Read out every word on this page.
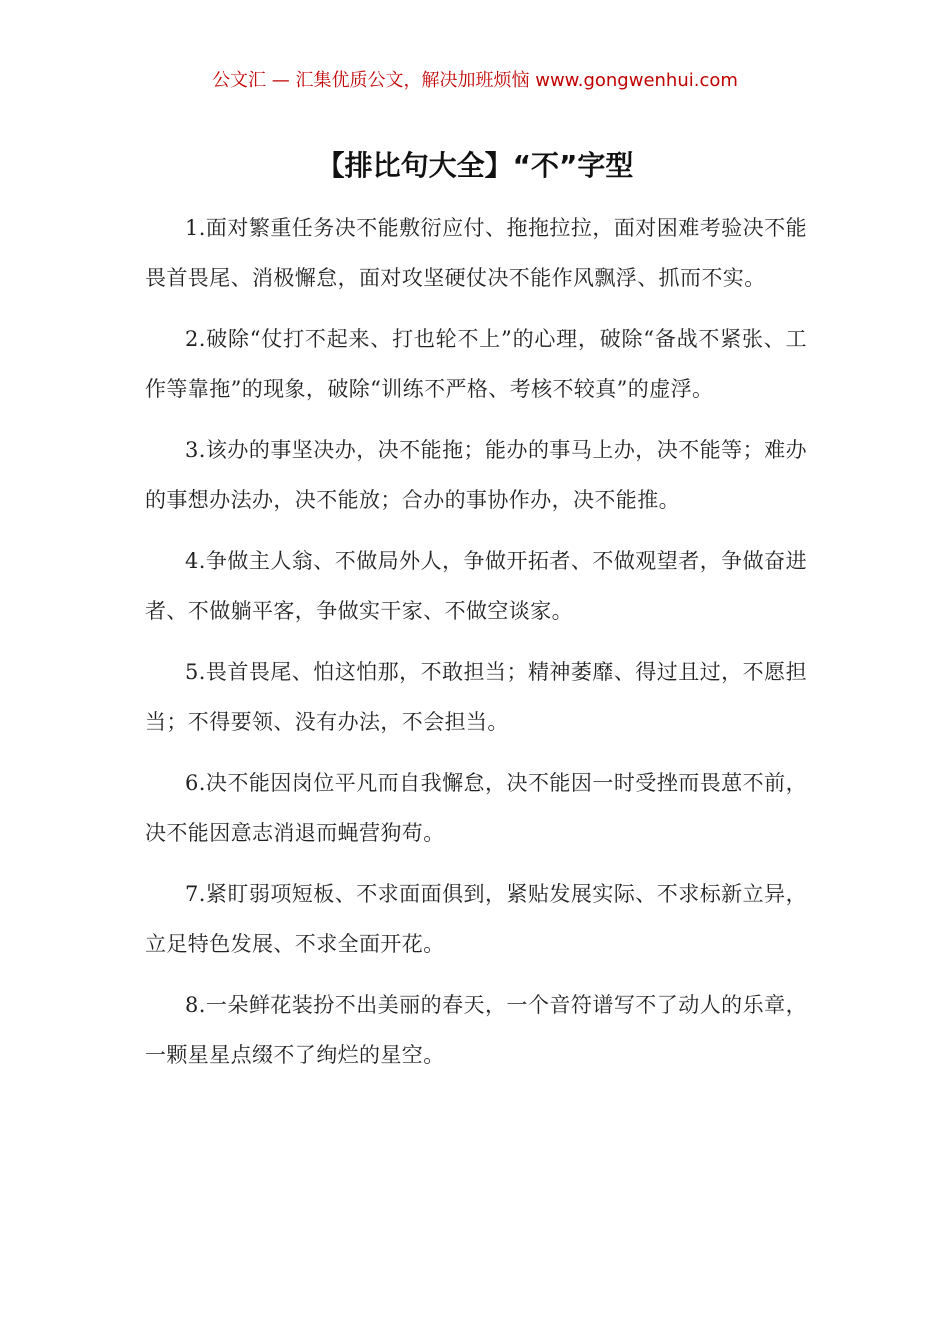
公文汇 — 汇集优质公文，解决加班烦恼 www.gongwenhui.com
【排比句大全】“不”字型

1.面对繁重任务决不能敷衍应付、拖拖拉拉，面对困难考验决不能畏首畏尾、消极懈怠，面对攻坚硬仗决不能作风飘浮、抓而不实。

2.破除“仗打不起来、打也轮不上”的心理，破除“备战不紧张、工作等靠拖”的现象，破除“训练不严格、考核不较真”的虚浮。

3.该办的事坚决办，决不能拖；能办的事马上办，决不能等；难办的事想办法办，决不能放；合办的事协作办，决不能推。

4.争做主人翁、不做局外人，争做开拓者、不做观望者，争做奋进者、不做躺平客，争做实干家、不做空谈家。

5.畏首畏尾、怕这怕那，不敢担当；精神萎靡、得过且过，不愿担当；不得要领、没有办法，不会担当。

6.决不能因岗位平凡而自我懈怠，决不能因一时受挫而畏葸不前，决不能因意志消退而蝇营狗苟。

7.紧盯弱项短板、不求面面俱到，紧贴发展实际、不求标新立异，立足特色发展、不求全面开花。

8.一朵鲜花装扮不出美丽的春天，一个音符谱写不了动人的乐章，一颗星星点缀不了绚烂的星空。
